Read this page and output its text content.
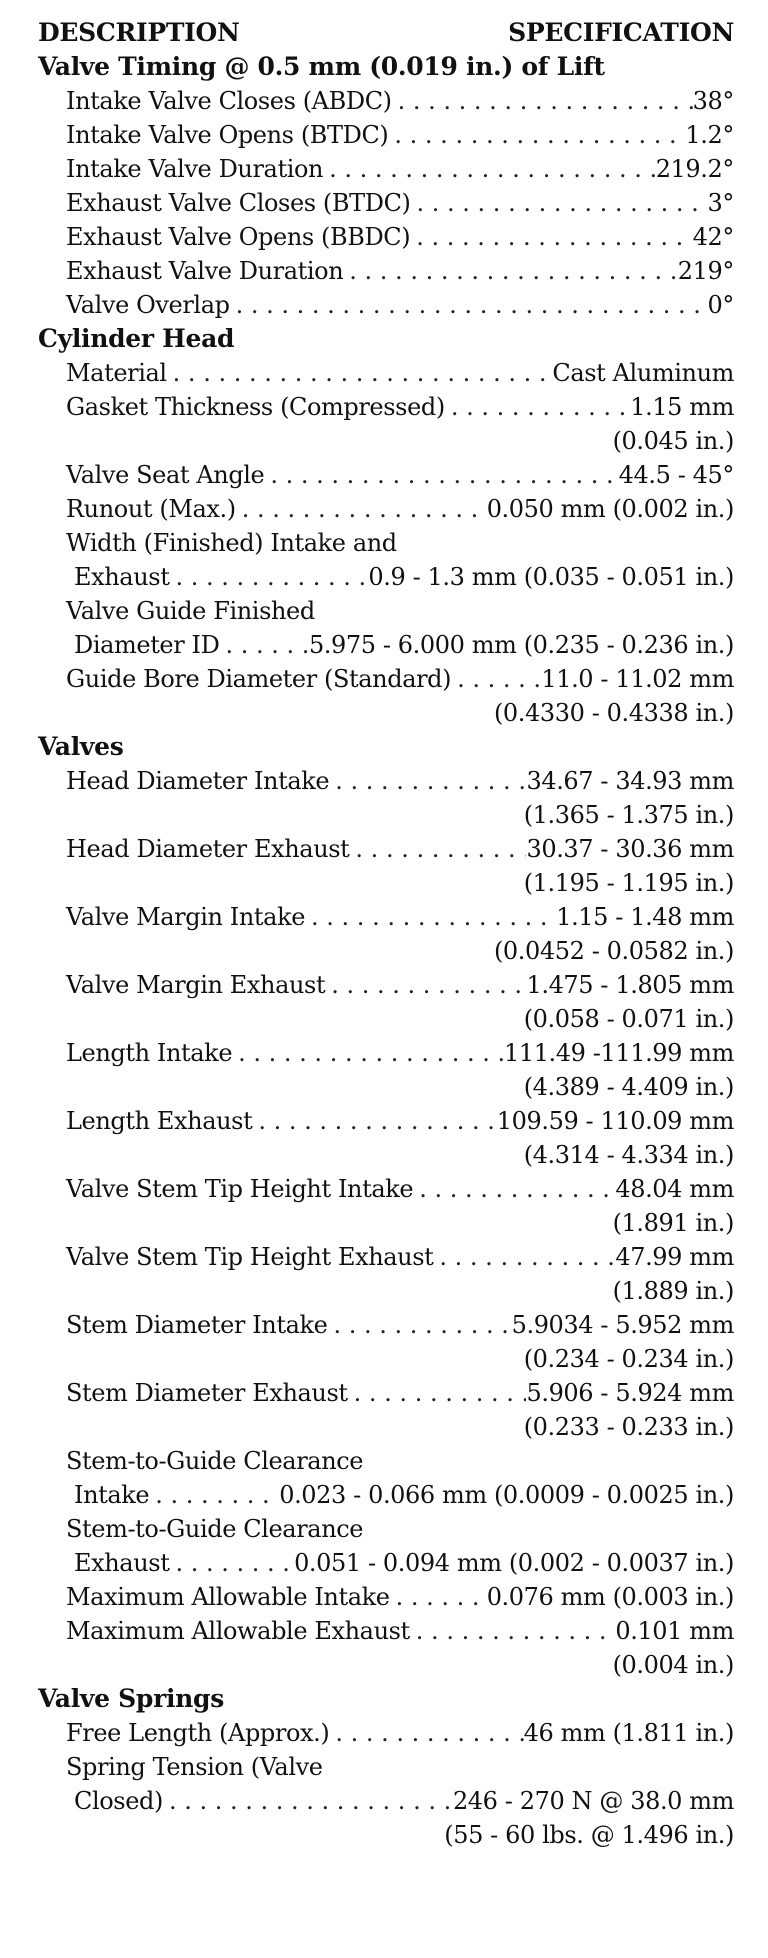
DESCRIPTION	SPECIFICATION
Valve Timing @ 0.5 mm (0.019 in.) of Lift
Intake Valve Closes (ABDC) . . .	38°
Intake Valve Opens (BTDC) . . .	1.2°
Intake Valve Duration . . .	219.2°
Exhaust Valve Closes (BTDC) . . .	3°
Exhaust Valve Opens (BBDC) . . .	42°
Exhaust Valve Duration . . .	219°
Valve Overlap . . .	0°
Cylinder Head
Material . . .	Cast Aluminum
Gasket Thickness (Compressed) . . .	1.15 mm
(0.045 in.)
Valve Seat Angle . . .	44.5 - 45°
Runout (Max.) . . .	0.050 mm (0.002 in.)
Width (Finished) Intake and
Exhaust . . .	0.9 - 1.3 mm (0.035 - 0.051 in.)
Valve Guide Finished
Diameter ID . . .	5.975 - 6.000 mm (0.235 - 0.236 in.)
Guide Bore Diameter (Standard) . . .	11.0 - 11.02 mm
(0.4330 - 0.4338 in.)
Valves
Head Diameter Intake . . .	34.67 - 34.93 mm
(1.365 - 1.375 in.)
Head Diameter Exhaust . . .	30.37 - 30.36 mm
(1.195 - 1.195 in.)
Valve Margin Intake . . .	1.15 - 1.48 mm
(0.0452 - 0.0582 in.)
Valve Margin Exhaust . . .	1.475 - 1.805 mm
(0.058 - 0.071 in.)
Length Intake . . .	111.49 -111.99 mm
(4.389 - 4.409 in.)
Length Exhaust . . .	109.59 - 110.09 mm
(4.314 - 4.334 in.)
Valve Stem Tip Height Intake . . .	48.04 mm
(1.891 in.)
Valve Stem Tip Height Exhaust . . .	47.99 mm
(1.889 in.)
Stem Diameter Intake . . .	5.9034 - 5.952 mm
(0.234 - 0.234 in.)
Stem Diameter Exhaust . . .	5.906 - 5.924 mm
(0.233 - 0.233 in.)
Stem-to-Guide Clearance
Intake . . .	0.023 - 0.066 mm (0.0009 - 0.0025 in.)
Stem-to-Guide Clearance
Exhaust . . .	0.051 - 0.094 mm (0.002 - 0.0037 in.)
Maximum Allowable Intake . . .	0.076 mm (0.003 in.)
Maximum Allowable Exhaust . . .	0.101 mm
(0.004 in.)
Valve Springs
Free Length (Approx.) . . .	46 mm (1.811 in.)
Spring Tension (Valve
Closed) . . .	246 - 270 N @ 38.0 mm
(55 - 60 lbs. @ 1.496 in.)
